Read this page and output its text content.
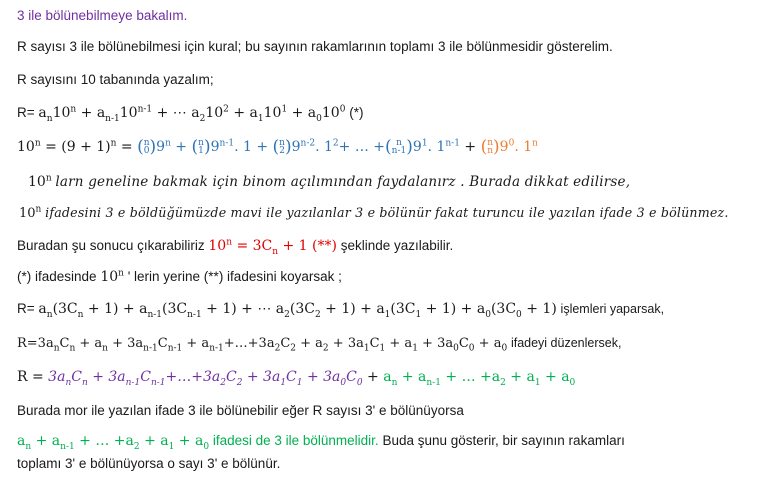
3 ile bölünebilmeye bakalım.
R sayısı 3 ile bölünebilmesi için kural; bu sayının rakamlarının toplamı 3 ile bölünmesidir gösterelim.
R sayısını 10 tabanında yazalım;
$R= a_n10^n + a_{n-1}10^{n-1}$ + ⋯ $a_210^2 + a_110^1 + a_010^0$ (*)
$10^n = (9 + 1)^n = (n$
$0)9^n + (n$
1)9$^{n-1}$. 1 + (n
2)9$^{n-2}$. $1^2+$ … +( n
$n-1)9^1$. $1^{n-1} + (n$
$n)9^0$. 1$^n$
10$^n$ larn geneline bakmak için binom açılımından faydalanırz . Burada dikkat edilirse,
10$^n$ ifadesini 3 e böldüğümüzde mavi ile yazılanlar 3 e bölünür fakat turuncu ile yazılan ifade 3 e bölünmez.
Buradan şu sonucu çıkarabiliriz $10^n = 3C_n + 1$ (**) şeklinde yazılabilir.
(*) ifadesinde 10$^n$ ' lerin yerine (**) ifadesini koyarsak ;
$R= a_n(3C_n + 1) + a_{n-1}(3C_{n-1} + 1)$ + ⋯ $a_2(3C_2 + 1) + a_1(3C_1 + 1) + a_0(3C_0 + 1)$ işlemleri yaparsak,
$R=3a_nC_n + a_n + 3a_{n-1}C_{n-1}$ + $a_{n-1}+\dots+3a_2C_2 + a_2 + 3a_1C_1 + a_1 + 3a_0C_0 + a_0$ ifadeyi düzenlersek,
$R = 3a_nC_n$ + $3a_{n-1}C_{n-1}+\dots+3a_2C_2 + 3a_1C_1 + 3a_0C_0 + a_n + a_{n-1}$ + … $+a_2 + a_1 + a_0$
Burada mor ile yazılan ifade 3 ile bölünebilir eğer R sayısı 3' e bölünüyorsa
$a_n + a_{n-1}$ + … $+a_2 + a_1 + a_0$ ifadesi de 3 ile bölünmelidir. Buda şunu gösterir, bir sayının rakamları
toplamı 3' e bölünüyorsa o sayı 3' e bölünür.
